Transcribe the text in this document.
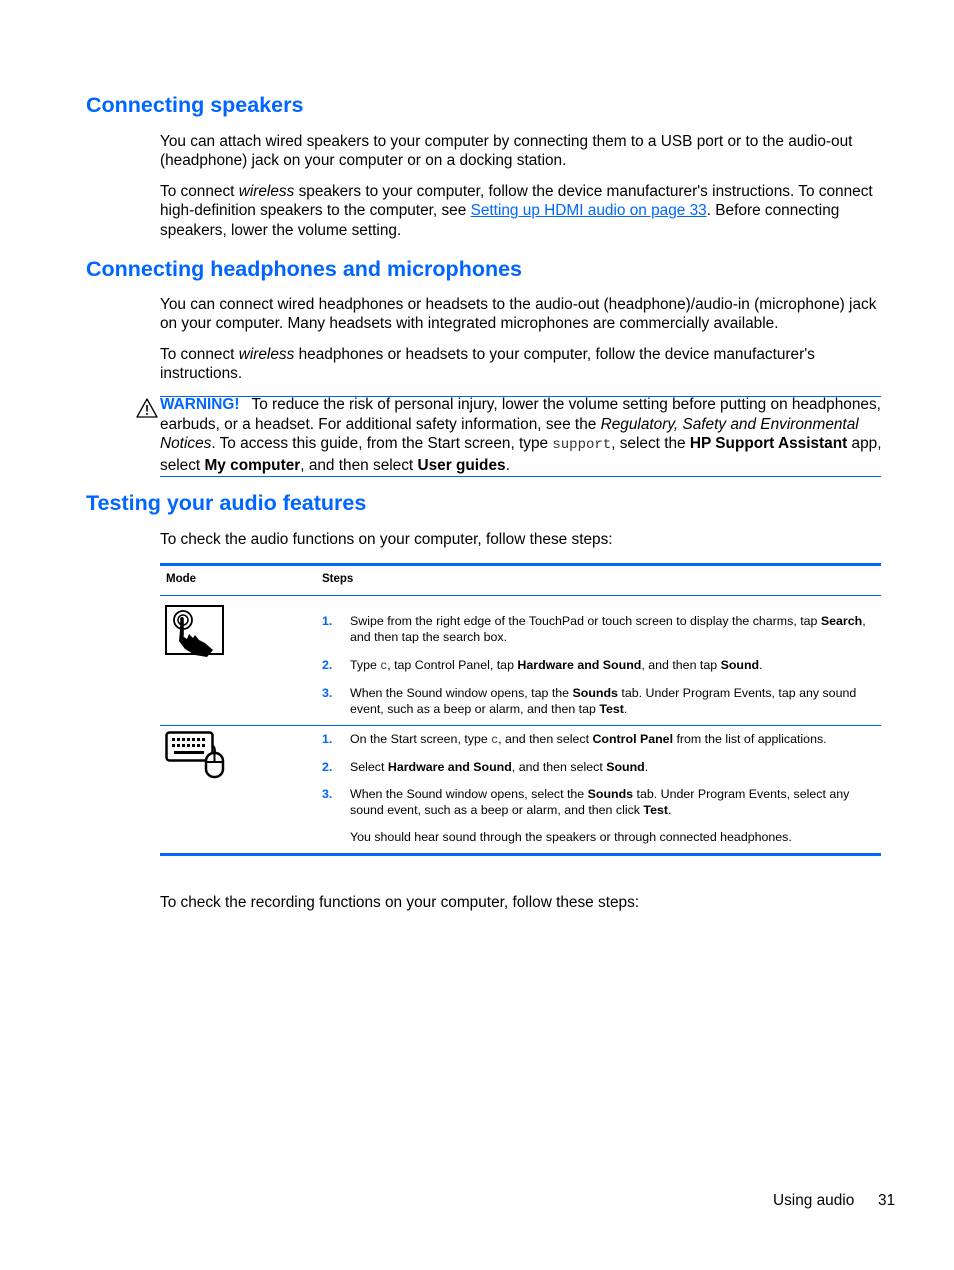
Connecting speakers

You can attach wired speakers to your computer by connecting them to a USB port or to the audio-out (headphone) jack on your computer or on a docking station.

To connect wireless speakers to your computer, follow the device manufacturer's instructions. To connect high-definition speakers to the computer, see Setting up HDMI audio on page 33. Before connecting speakers, lower the volume setting.

Connecting headphones and microphones

You can connect wired headphones or headsets to the audio-out (headphone)/audio-in (microphone) jack on your computer. Many headsets with integrated microphones are commercially available.

To connect wireless headphones or headsets to your computer, follow the device manufacturer's instructions.

WARNING! To reduce the risk of personal injury, lower the volume setting before putting on headphones, earbuds, or a headset. For additional safety information, see the Regulatory, Safety and Environmental Notices. To access this guide, from the Start screen, type support, select the HP Support Assistant app, select My computer, and then select User guides.

Testing your audio features

To check the audio functions on your computer, follow these steps:

Mode	Steps
1. Swipe from the right edge of the TouchPad or touch screen to display the charms, tap Search, and then tap the search box.
2. Type c, tap Control Panel, tap Hardware and Sound, and then tap Sound.
3. When the Sound window opens, tap the Sounds tab. Under Program Events, tap any sound event, such as a beep or alarm, and then tap Test.
1. On the Start screen, type c, and then select Control Panel from the list of applications.
2. Select Hardware and Sound, and then select Sound.
3. When the Sound window opens, select the Sounds tab. Under Program Events, select any sound event, such as a beep or alarm, and then click Test.
You should hear sound through the speakers or through connected headphones.

To check the recording functions on your computer, follow these steps:

Using audio 31
